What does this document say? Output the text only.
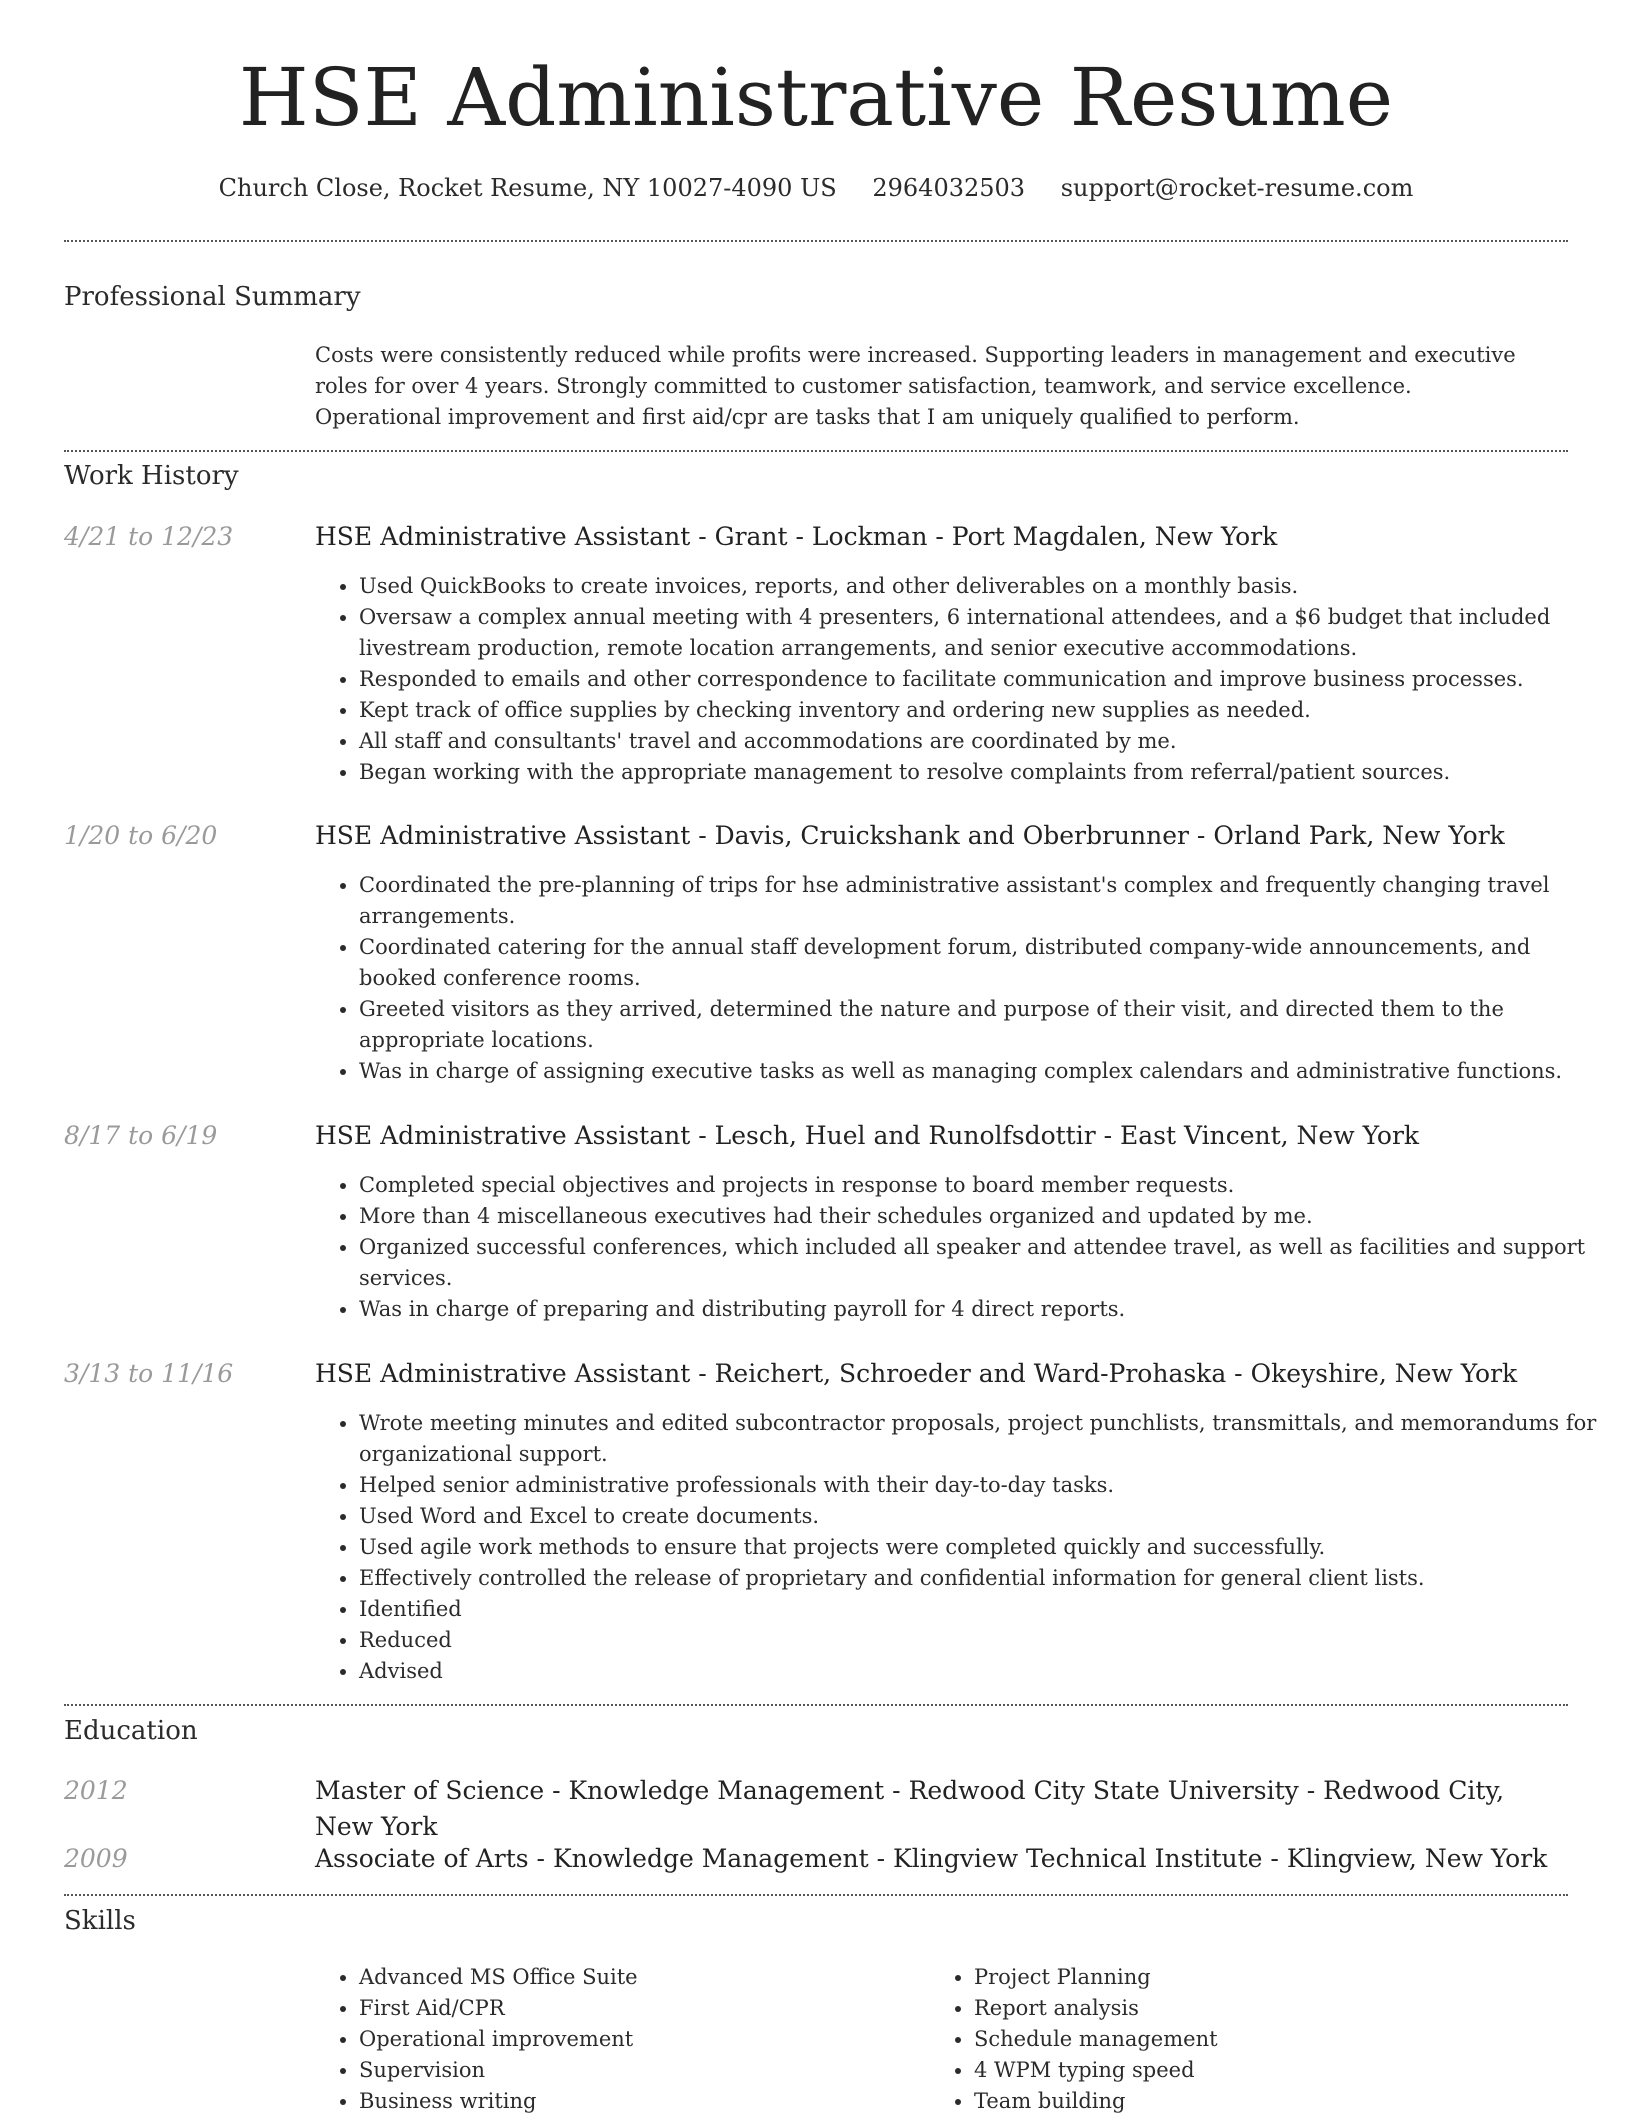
HSE Administrative Resume
Church Close, Rocket Resume, NY 10027-4090 US 2964032503 support@rocket-resume.com
Professional Summary
Costs were consistently reduced while profits were increased. Supporting leaders in management and executive roles for over 4 years. Strongly committed to customer satisfaction, teamwork, and service excellence. Operational improvement and first aid/cpr are tasks that I am uniquely qualified to perform.
Work History
4/21 to 12/23	HSE Administrative Assistant - Grant - Lockman - Port Magdalen, New York
• Used QuickBooks to create invoices, reports, and other deliverables on a monthly basis.
• Oversaw a complex annual meeting with 4 presenters, 6 international attendees, and a $6 budget that included livestream production, remote location arrangements, and senior executive accommodations.
• Responded to emails and other correspondence to facilitate communication and improve business processes.
• Kept track of office supplies by checking inventory and ordering new supplies as needed.
• All staff and consultants' travel and accommodations are coordinated by me.
• Began working with the appropriate management to resolve complaints from referral/patient sources.
1/20 to 6/20	HSE Administrative Assistant - Davis, Cruickshank and Oberbrunner - Orland Park, New York
• Coordinated the pre-planning of trips for hse administrative assistant's complex and frequently changing travel arrangements.
• Coordinated catering for the annual staff development forum, distributed company-wide announcements, and booked conference rooms.
• Greeted visitors as they arrived, determined the nature and purpose of their visit, and directed them to the appropriate locations.
• Was in charge of assigning executive tasks as well as managing complex calendars and administrative functions.
8/17 to 6/19	HSE Administrative Assistant - Lesch, Huel and Runolfsdottir - East Vincent, New York
• Completed special objectives and projects in response to board member requests.
• More than 4 miscellaneous executives had their schedules organized and updated by me.
• Organized successful conferences, which included all speaker and attendee travel, as well as facilities and support services.
• Was in charge of preparing and distributing payroll for 4 direct reports.
3/13 to 11/16	HSE Administrative Assistant - Reichert, Schroeder and Ward-Prohaska - Okeyshire, New York
• Wrote meeting minutes and edited subcontractor proposals, project punchlists, transmittals, and memorandums for organizational support.
• Helped senior administrative professionals with their day-to-day tasks.
• Used Word and Excel to create documents.
• Used agile work methods to ensure that projects were completed quickly and successfully.
• Effectively controlled the release of proprietary and confidential information for general client lists.
• Identified
• Reduced
• Advised
Education
2012	Master of Science - Knowledge Management - Redwood City State University - Redwood City, New York
2009	Associate of Arts - Knowledge Management - Klingview Technical Institute - Klingview, New York
Skills
• Advanced MS Office Suite
• First Aid/CPR
• Operational improvement
• Supervision
• Business writing
• Project Planning
• Report analysis
• Schedule management
• 4 WPM typing speed
• Team building
